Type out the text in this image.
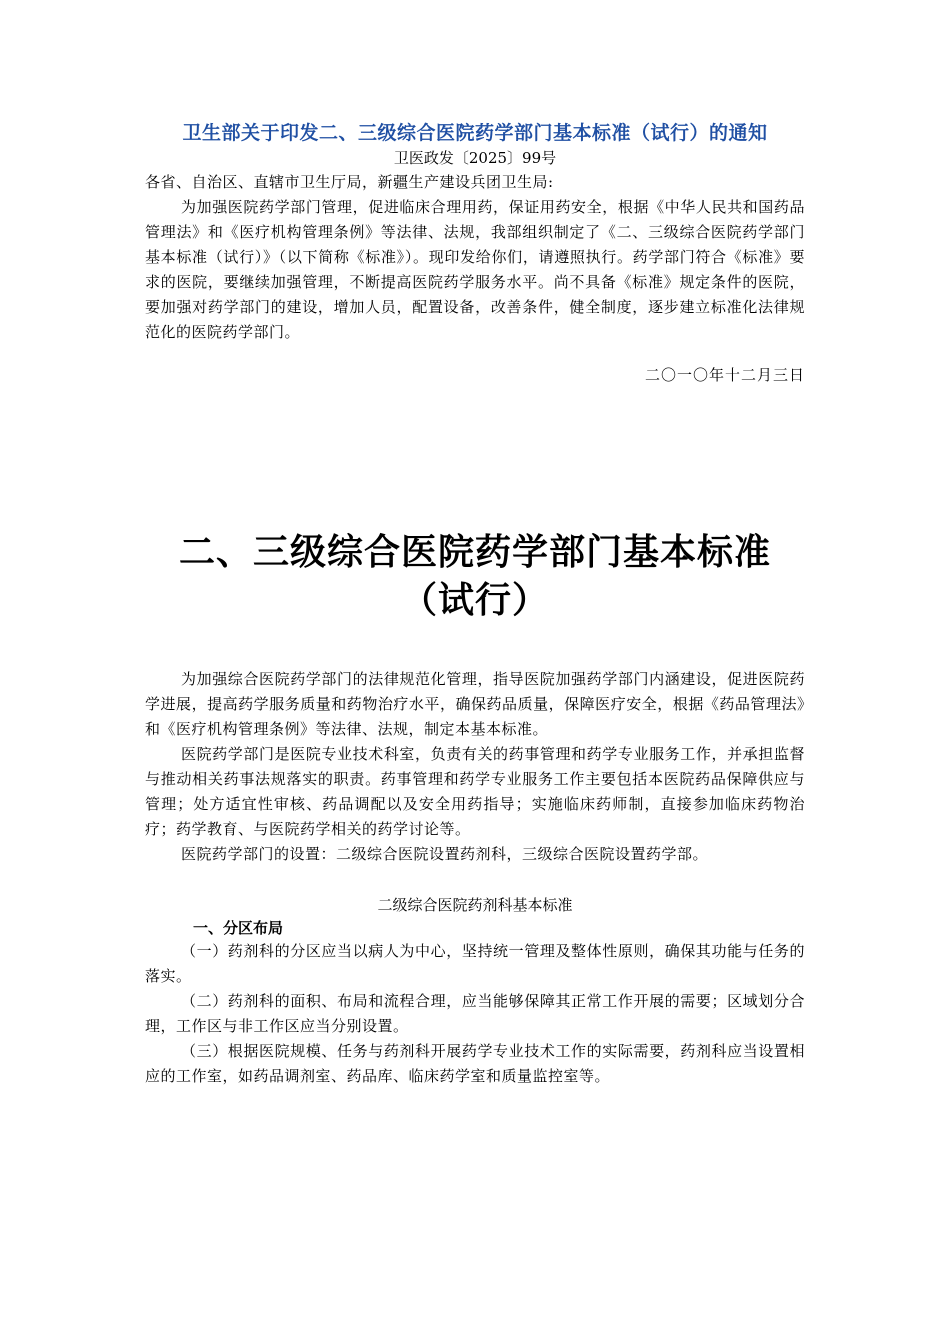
卫生部关于印发二、三级综合医院药学部门基本标准（试行）的通知

卫医政发〔2025〕99号

各省、自治区、直辖市卫生厅局，新疆生产建设兵团卫生局:

为加强医院药学部门管理，促进临床合理用药，保证用药安全，根据《中华人民共和国药品管理法》和《医疗机构管理条例》等法律、法规，我部组织制定了《二、三级综合医院药学部门基本标准（试行）》（以下简称《标准》）。现印发给你们，请遵照执行。药学部门符合《标准》要求的医院，要继续加强管理，不断提高医院药学服务水平。尚不具备《标准》规定条件的医院，要加强对药学部门的建设，增加人员，配置设备，改善条件，健全制度，逐步建立标准化法律规范化的医院药学部门。

二〇一〇年十二月三日

二、三级综合医院药学部门基本标准（试行）

为加强综合医院药学部门的法律规范化管理，指导医院加强药学部门内涵建设，促进医院药学进展，提高药学服务质量和药物治疗水平，确保药品质量，保障医疗安全，根据《药品管理法》和《医疗机构管理条例》等法律、法规，制定本基本标准。

医院药学部门是医院专业技术科室，负责有关的药事管理和药学专业服务工作，并承担监督与推动相关药事法规落实的职责。药事管理和药学专业服务工作主要包括本医院药品保障供应与管理；处方适宜性审核、药品调配以及安全用药指导；实施临床药师制，直接参加临床药物治疗；药学教育、与医院药学相关的药学讨论等。

医院药学部门的设置：二级综合医院设置药剂科，三级综合医院设置药学部。

二级综合医院药剂科基本标准

一、分区布局

（一）药剂科的分区应当以病人为中心，坚持统一管理及整体性原则，确保其功能与任务的落实。

（二）药剂科的面积、布局和流程合理，应当能够保障其正常工作开展的需要；区域划分合理，工作区与非工作区应当分别设置。

（三）根据医院规模、任务与药剂科开展药学专业技术工作的实际需要，药剂科应当设置相应的工作室，如药品调剂室、药品库、临床药学室和质量监控室等。
